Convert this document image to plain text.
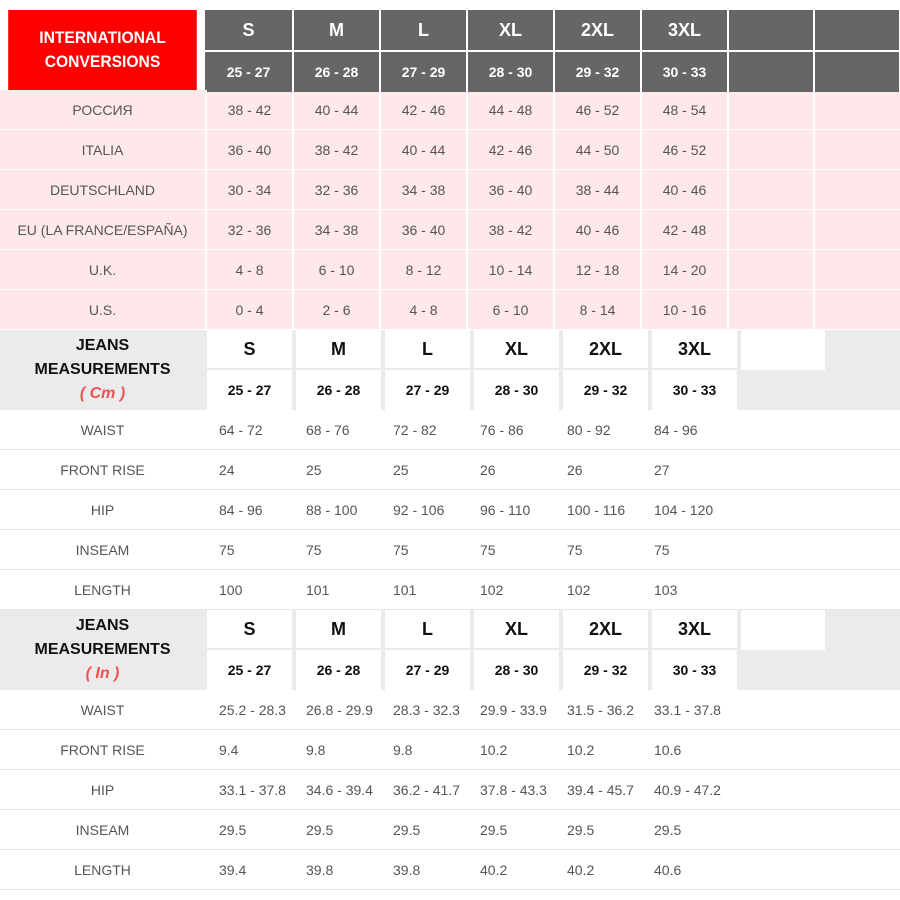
INTERNATIONAL
CONVERSIONS
S	M	L	XL	2XL	3XL
25 - 27	26 - 28	27 - 29	28 - 30	29 - 32	30 - 33
РОССИЯ	38 - 42	40 - 44	42 - 46	44 - 48	46 - 52	48 - 54
ITALIA	36 - 40	38 - 42	40 - 44	42 - 46	44 - 50	46 - 52
DEUTSCHLAND	30 - 34	32 - 36	34 - 38	36 - 40	38 - 44	40 - 46
EU (LA FRANCE/ESPAÑA)	32 - 36	34 - 38	36 - 40	38 - 42	40 - 46	42 - 48
U.K.	4 - 8	6 - 10	8 - 12	10 - 14	12 - 18	14 - 20
U.S.	0 - 4	2 - 6	4 - 8	6 - 10	8 - 14	10 - 16
JEANS
MEASUREMENTS
( Cm )
S	M	L	XL	2XL	3XL
25 - 27	26 - 28	27 - 29	28 - 30	29 - 32	30 - 33
WAIST	64 - 72	68 - 76	72 - 82	76 - 86	80 - 92	84 - 96
FRONT RISE	24	25	25	26	26	27
HIP	84 - 96	88 - 100	92 - 106	96 - 110	100 - 116	104 - 120
INSEAM	75	75	75	75	75	75
LENGTH	100	101	101	102	102	103
JEANS
MEASUREMENTS
( In )
S	M	L	XL	2XL	3XL
25 - 27	26 - 28	27 - 29	28 - 30	29 - 32	30 - 33
WAIST	25.2 - 28.3	26.8 - 29.9	28.3 - 32.3	29.9 - 33.9	31.5 - 36.2	33.1 - 37.8
FRONT RISE	9.4	9.8	9.8	10.2	10.2	10.6
HIP	33.1 - 37.8	34.6 - 39.4	36.2 - 41.7	37.8 - 43.3	39.4 - 45.7	40.9 - 47.2
INSEAM	29.5	29.5	29.5	29.5	29.5	29.5
LENGTH	39.4	39.8	39.8	40.2	40.2	40.6
